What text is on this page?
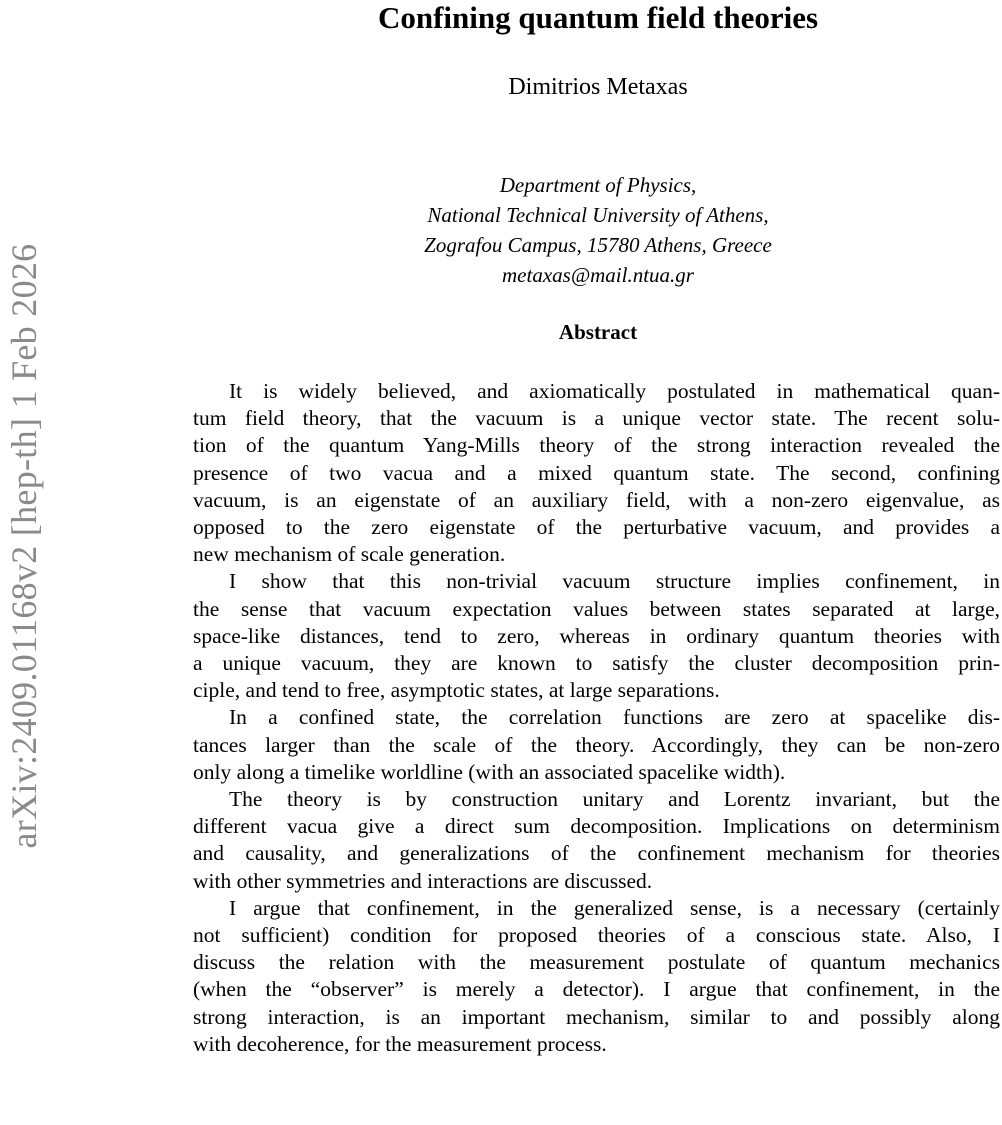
arXiv:2409.01168v2 [hep-th] 1 Feb 2026
Confining quantum field theories
Dimitrios Metaxas
Department of Physics,
National Technical University of Athens,
Zografou Campus, 15780 Athens, Greece
metaxas@mail.ntua.gr
Abstract
It is widely believed, and axiomatically postulated in mathematical quan-
tum field theory, that the vacuum is a unique vector state. The recent solu-
tion of the quantum Yang-Mills theory of the strong interaction revealed the
presence of two vacua and a mixed quantum state. The second, confining
vacuum, is an eigenstate of an auxiliary field, with a non-zero eigenvalue, as
opposed to the zero eigenstate of the perturbative vacuum, and provides a
new mechanism of scale generation.
I show that this non-trivial vacuum structure implies confinement, in
the sense that vacuum expectation values between states separated at large,
space-like distances, tend to zero, whereas in ordinary quantum theories with
a unique vacuum, they are known to satisfy the cluster decomposition prin-
ciple, and tend to free, asymptotic states, at large separations.
In a confined state, the correlation functions are zero at spacelike dis-
tances larger than the scale of the theory. Accordingly, they can be non-zero
only along a timelike worldline (with an associated spacelike width).
The theory is by construction unitary and Lorentz invariant, but the
different vacua give a direct sum decomposition. Implications on determinism
and causality, and generalizations of the confinement mechanism for theories
with other symmetries and interactions are discussed.
I argue that confinement, in the generalized sense, is a necessary (certainly
not sufficient) condition for proposed theories of a conscious state. Also, I
discuss the relation with the measurement postulate of quantum mechanics
(when the “observer” is merely a detector). I argue that confinement, in the
strong interaction, is an important mechanism, similar to and possibly along
with decoherence, for the measurement process.
